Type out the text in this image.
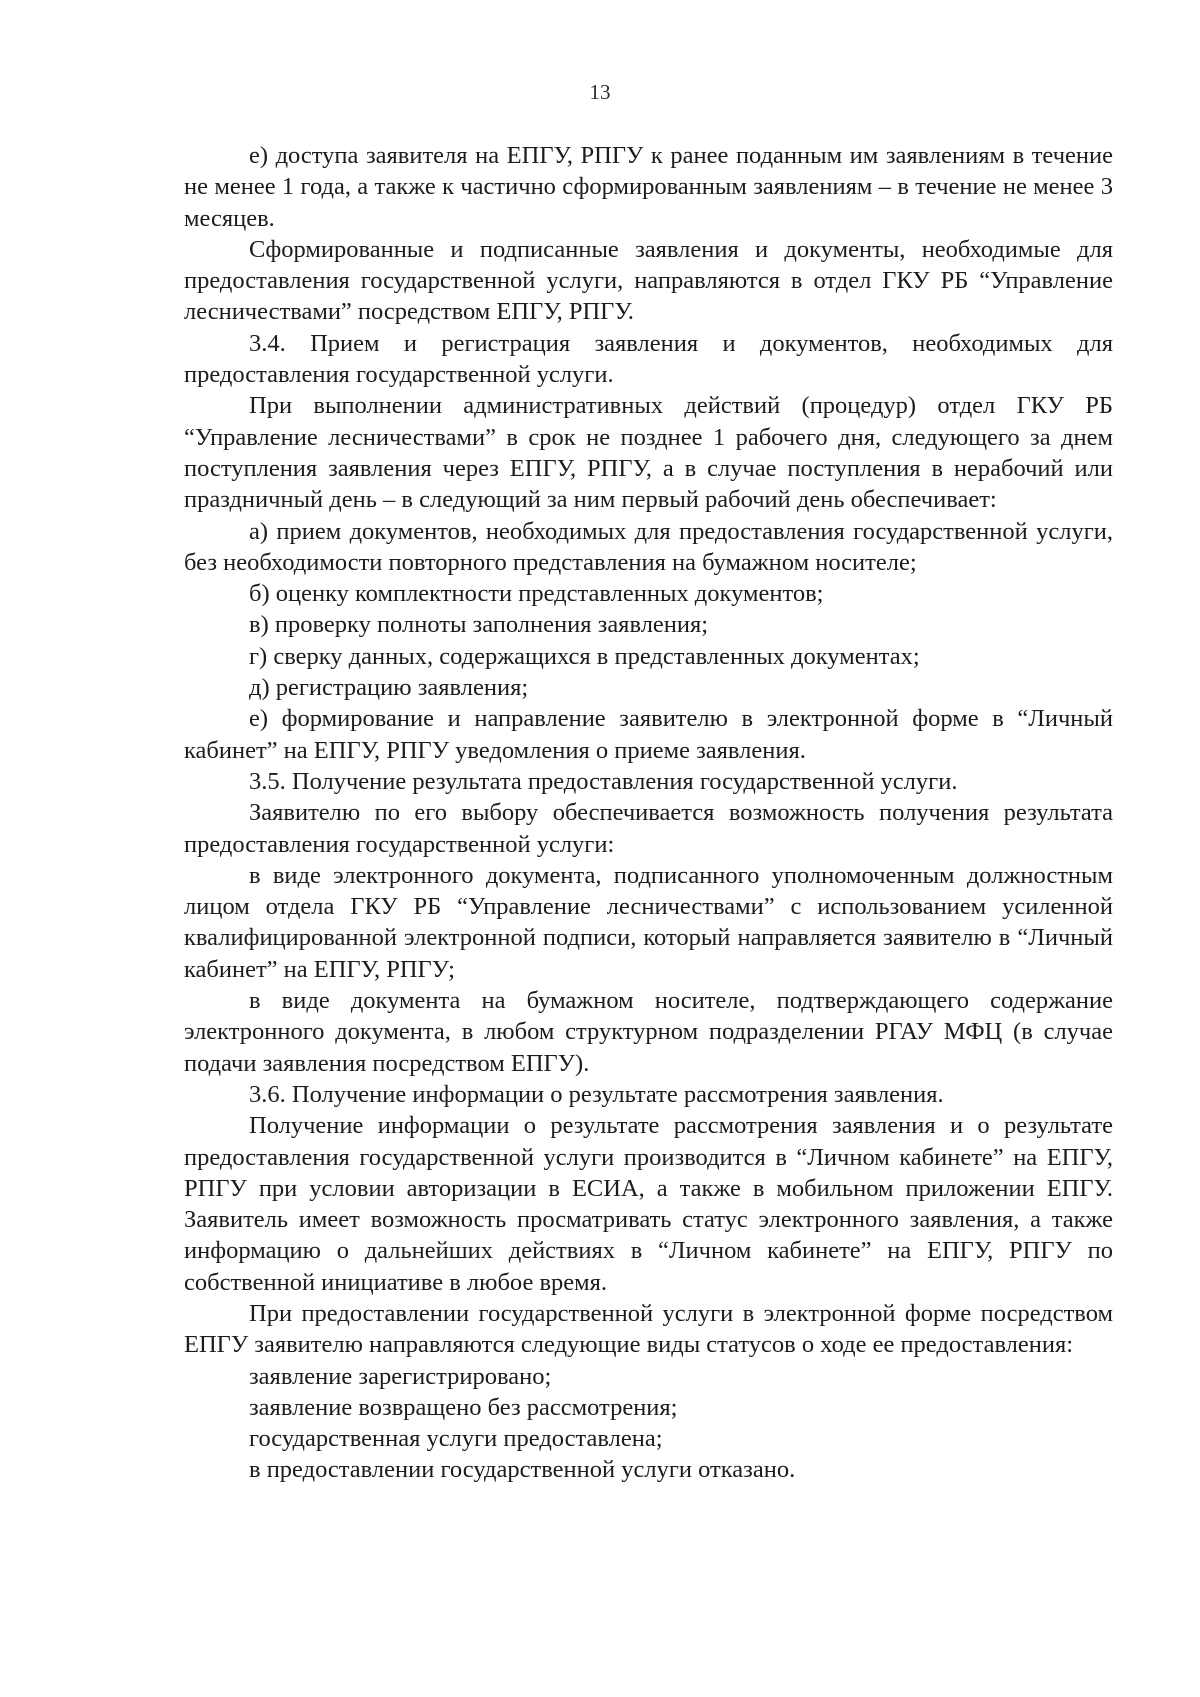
13

е) доступа заявителя на ЕПГУ, РПГУ к ранее поданным им заявлениям в течение не менее 1 года, а также к частично сформированным заявлениям – в течение не менее 3 месяцев.

Сформированные и подписанные заявления и документы, необходимые для предоставления государственной услуги, направляются в отдел ГКУ РБ “Управление лесничествами” посредством ЕПГУ, РПГУ.

3.4. Прием и регистрация заявления и документов, необходимых для предоставления государственной услуги.

При выполнении административных действий (процедур) отдел ГКУ РБ “Управление лесничествами” в срок не позднее 1 рабочего дня, следующего за днем поступления заявления через ЕПГУ, РПГУ, а в случае поступления в нерабочий или праздничный день – в следующий за ним первый рабочий день обеспечивает:

а) прием документов, необходимых для предоставления государственной услуги, без необходимости повторного представления на бумажном носителе;

б) оценку комплектности представленных документов;

в) проверку полноты заполнения заявления;

г) сверку данных, содержащихся в представленных документах;

д) регистрацию заявления;

е) формирование и направление заявителю в электронной форме в “Личный кабинет” на ЕПГУ, РПГУ уведомления о приеме заявления.

3.5. Получение результата предоставления государственной услуги.

Заявителю по его выбору обеспечивается возможность получения результата предоставления государственной услуги:

в виде электронного документа, подписанного уполномоченным должностным лицом отдела ГКУ РБ “Управление лесничествами” с использованием усиленной квалифицированной электронной подписи, который направляется заявителю в “Личный кабинет” на ЕПГУ, РПГУ;

в виде документа на бумажном носителе, подтверждающего содержание электронного документа, в любом структурном подразделении РГАУ МФЦ (в случае подачи заявления посредством ЕПГУ).

3.6. Получение информации о результате рассмотрения заявления.

Получение информации о результате рассмотрения заявления и о результате предоставления государственной услуги производится в “Личном кабинете” на ЕПГУ, РПГУ при условии авторизации в ЕСИА, а также в мобильном приложении ЕПГУ. Заявитель имеет возможность просматривать статус электронного заявления, а также информацию о дальнейших действиях в “Личном кабинете” на ЕПГУ, РПГУ по собственной инициативе в любое время.

При предоставлении государственной услуги в электронной форме посредством ЕПГУ заявителю направляются следующие виды статусов о ходе ее предоставления:

заявление зарегистрировано;

заявление возвращено без рассмотрения;

государственная услуги предоставлена;

в предоставлении государственной услуги отказано.
